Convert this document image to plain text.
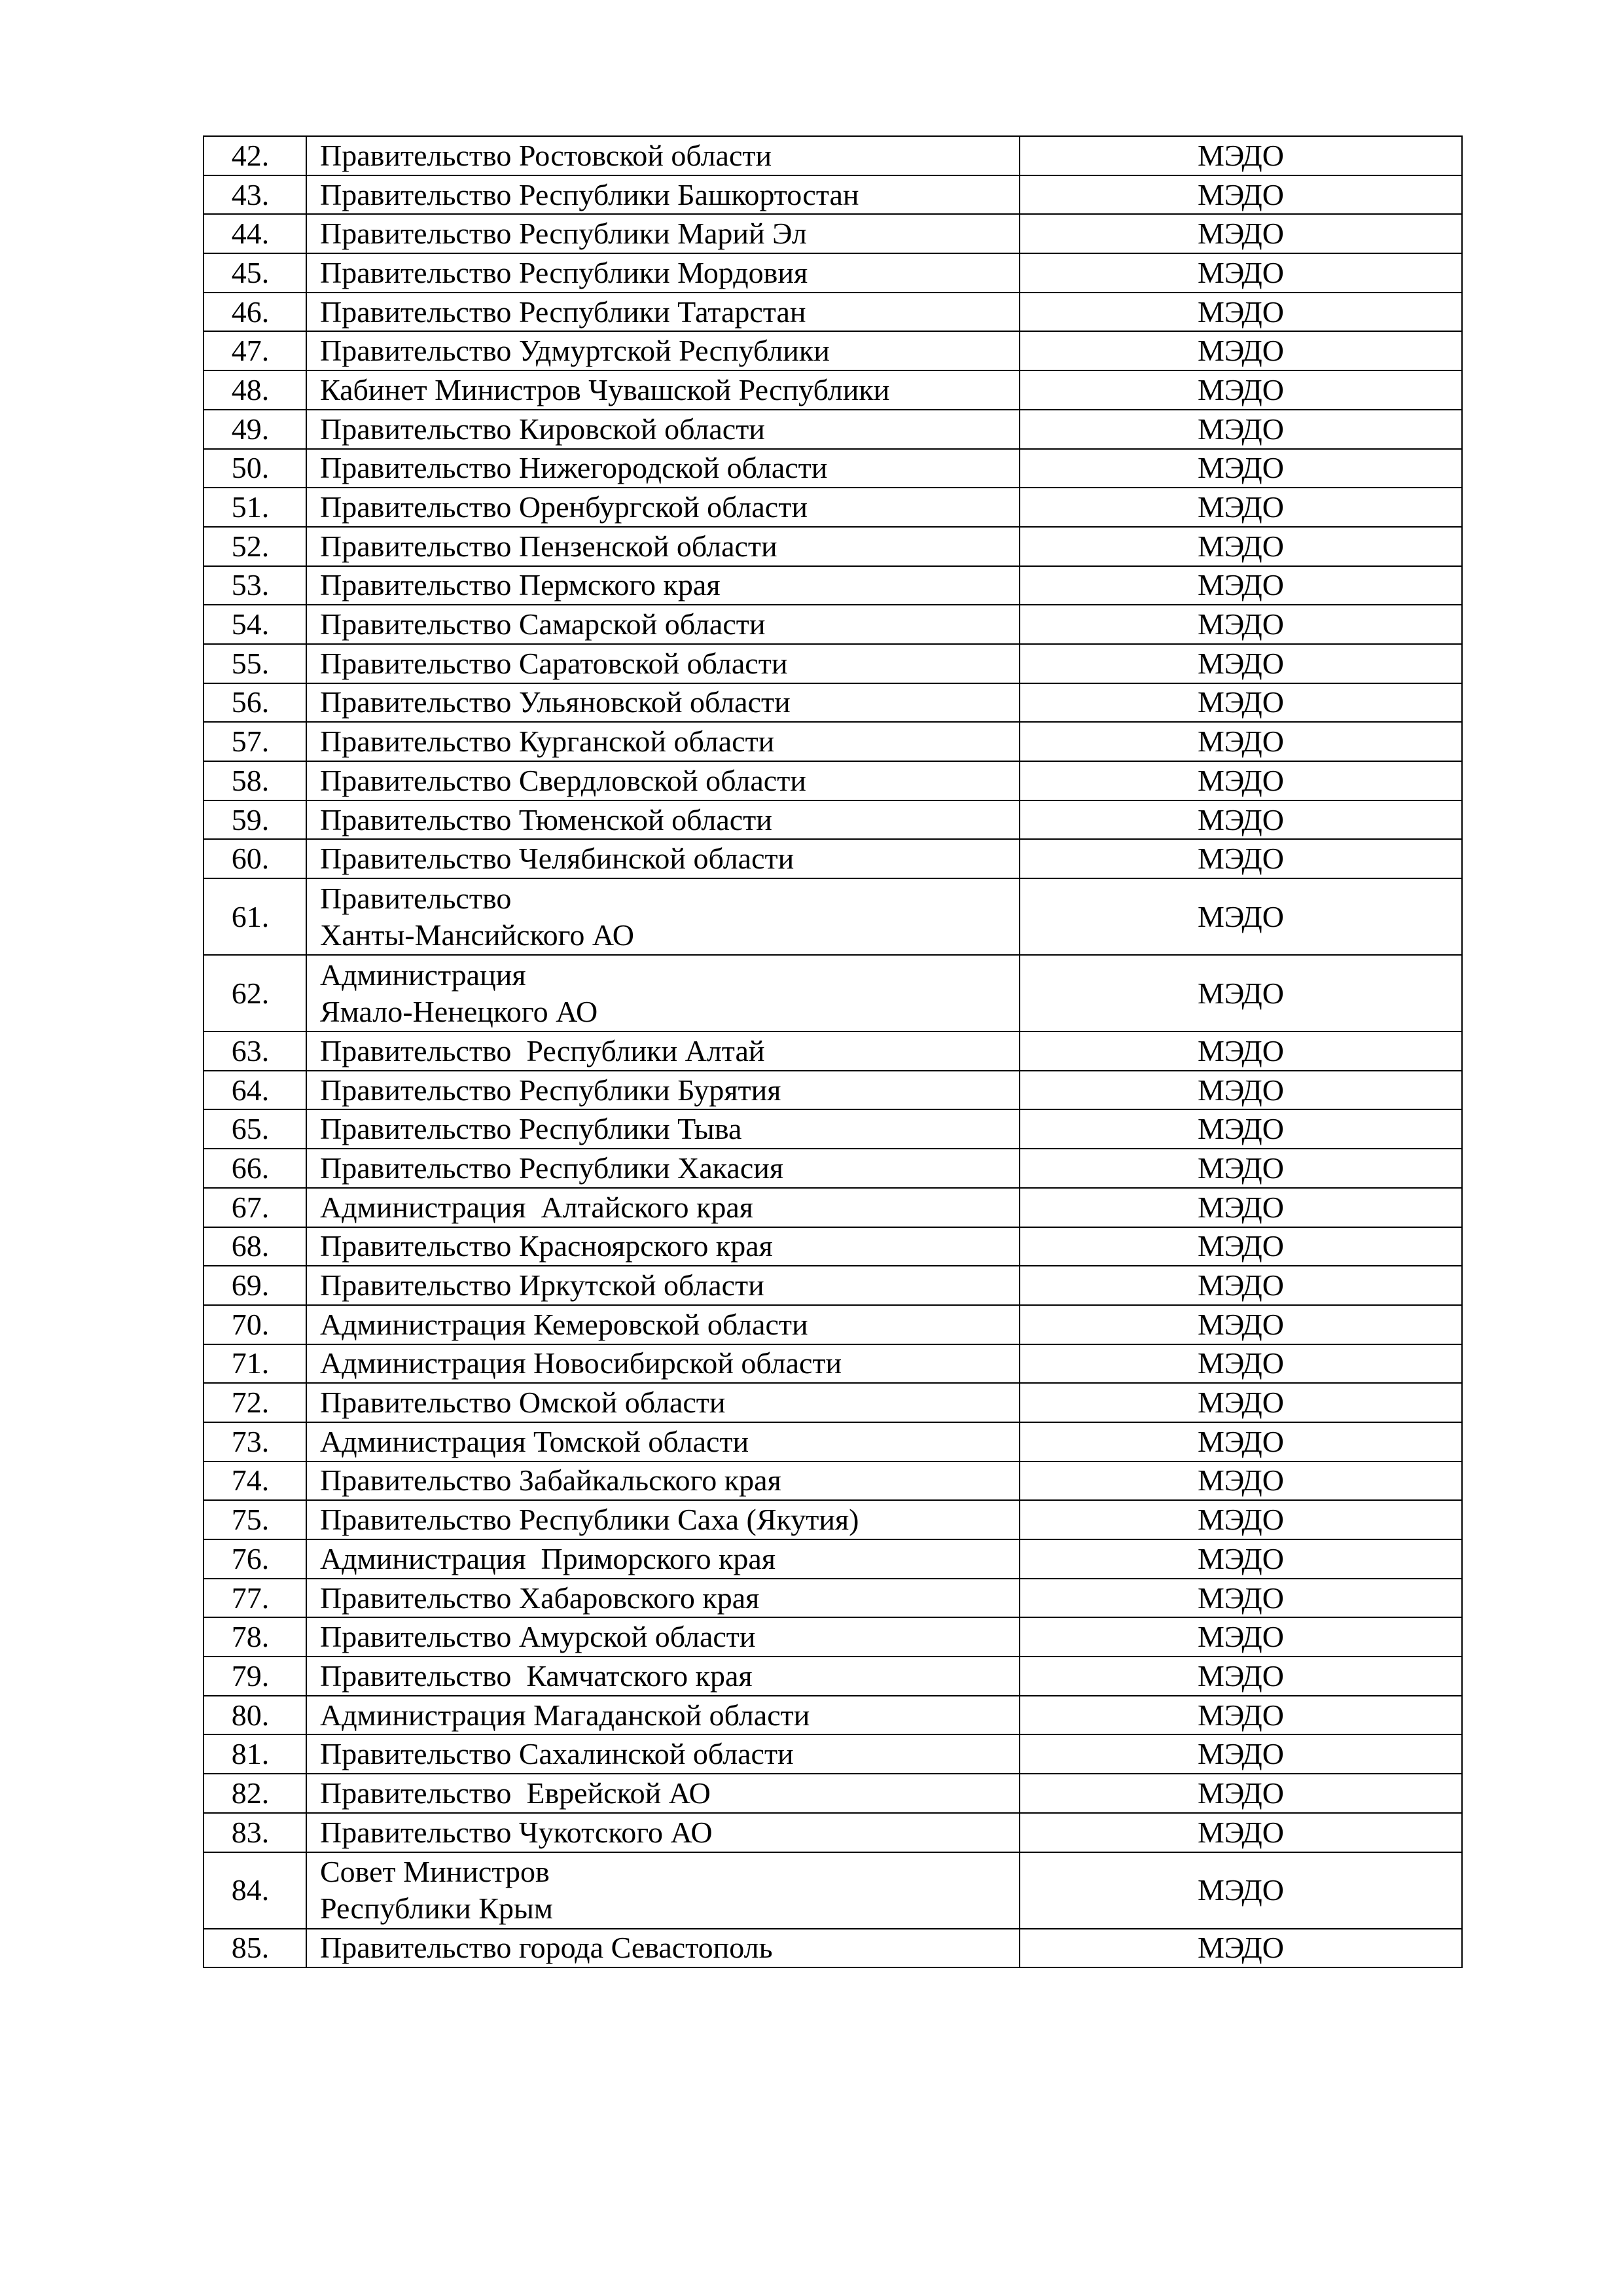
42.	Правительство Ростовской области	МЭДО
43.	Правительство Республики Башкортостан	МЭДО
44.	Правительство Республики Марий Эл	МЭДО
45.	Правительство Республики Мордовия	МЭДО
46.	Правительство Республики Татарстан	МЭДО
47.	Правительство Удмуртской Республики	МЭДО
48.	Кабинет Министров Чувашской Республики	МЭДО
49.	Правительство Кировской области	МЭДО
50.	Правительство Нижегородской области	МЭДО
51.	Правительство Оренбургской области	МЭДО
52.	Правительство Пензенской области	МЭДО
53.	Правительство Пермского края	МЭДО
54.	Правительство Самарской области	МЭДО
55.	Правительство Саратовской области	МЭДО
56.	Правительство Ульяновской области	МЭДО
57.	Правительство Курганской области	МЭДО
58.	Правительство Свердловской области	МЭДО
59.	Правительство Тюменской области	МЭДО
60.	Правительство Челябинской области	МЭДО
61.	Правительство
Ханты-Мансийского АО	МЭДО
62.	Администрация
Ямало-Ненецкого АО	МЭДО
63.	Правительство  Республики Алтай	МЭДО
64.	Правительство Республики Бурятия	МЭДО
65.	Правительство Республики Тыва	МЭДО
66.	Правительство Республики Хакасия	МЭДО
67.	Администрация  Алтайского края	МЭДО
68.	Правительство Красноярского края	МЭДО
69.	Правительство Иркутской области	МЭДО
70.	Администрация Кемеровской области	МЭДО
71.	Администрация Новосибирской области	МЭДО
72.	Правительство Омской области	МЭДО
73.	Администрация Томской области	МЭДО
74.	Правительство Забайкальского края	МЭДО
75.	Правительство Республики Саха (Якутия)	МЭДО
76.	Администрация  Приморского края	МЭДО
77.	Правительство Хабаровского края	МЭДО
78.	Правительство Амурской области	МЭДО
79.	Правительство  Камчатского края	МЭДО
80.	Администрация Магаданской области	МЭДО
81.	Правительство Сахалинской области	МЭДО
82.	Правительство  Еврейской АО	МЭДО
83.	Правительство Чукотского АО	МЭДО
84.	Совет Министров
Республики Крым	МЭДО
85.	Правительство города Севастополь	МЭДО
